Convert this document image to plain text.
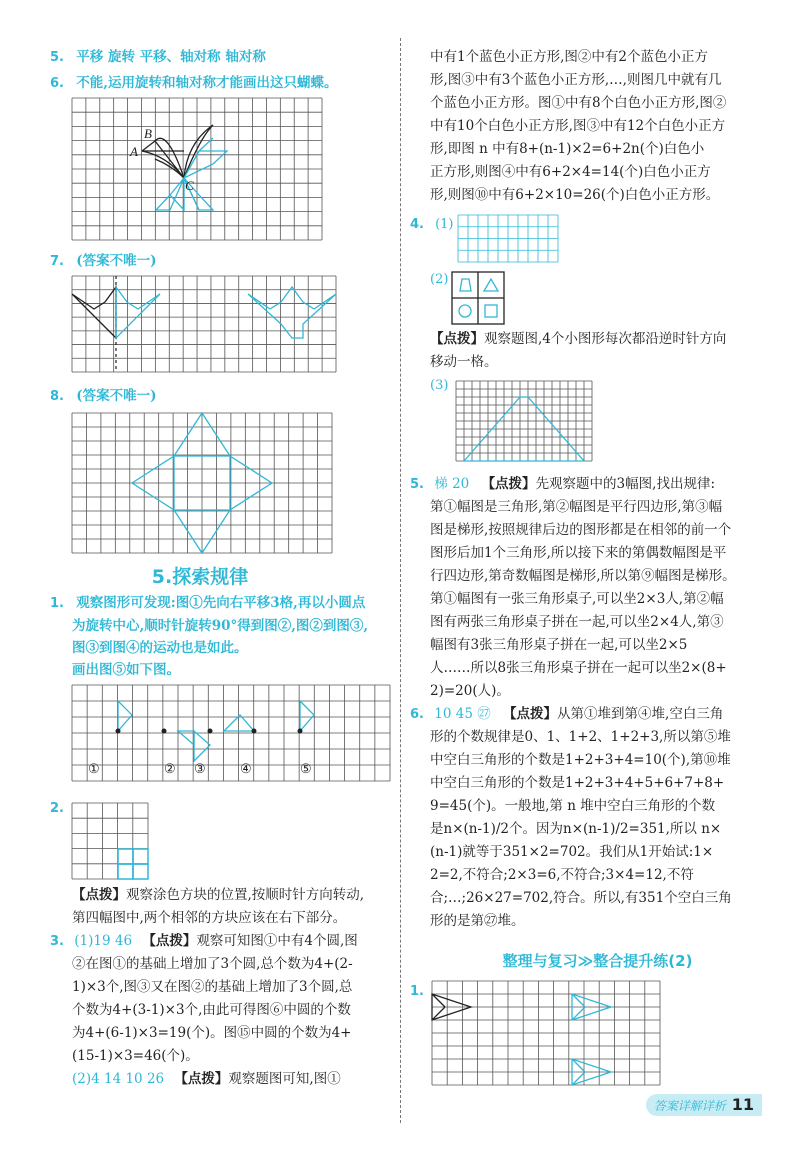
5. 平移 旋转 平移、轴对称 轴对称
6. 不能,运用旋转和轴对称才能画出这只蝴蝶。
B
A
C
7. (答案不唯一)
8. (答案不唯一)
5.探索规律
1. 观察图形可发现:图①先向右平移3格,再以小圆点
为旋转中心,顺时针旋转90°得到图②,图②到图③,
图③到图④的运动也是如此。
画出图⑤如下图。
①	② ③	④	⑤
2.
【点拨】观察涂色方块的位置,按顺时针方向转动,
第四幅图中,两个相邻的方块应该在右下部分。
3. (1)19 46 【点拨】观察可知图①中有4个圆,图
②在图①的基础上增加了3个圆,总个数为4+(2-
1)×3个,图③又在图②的基础上增加了3个圆,总
个数为4+(3-1)×3个,由此可得图⑥中圆的个数
为4+(6-1)×3=19(个)。图⑮中圆的个数为4+
(15-1)×3=46(个)。
(2)4 14 10 26 【点拨】观察题图可知,图①
中有1个蓝色小正方形,图②中有2个蓝色小正方
形,图③中有3个蓝色小正方形,…,则图几中就有几
个蓝色小正方形。图①中有8个白色小正方形,图②
中有10个白色小正方形,图③中有12个白色小正方
形,即图 n 中有8+(n-1)×2=6+2n(个)白色小
正方形,则图④中有6+2×4=14(个)白色小正方
形,则图⑩中有6+2×10=26(个)白色小正方形。
4. (1)
(2)
【点拨】观察题图,4个小图形每次都沿逆时针方向
移动一格。
(3)
5. 梯 20 【点拨】先观察题中的3幅图,找出规律:
第①幅图是三角形,第②幅图是平行四边形,第③幅
图是梯形,按照规律后边的图形都是在相邻的前一个
图形后加1个三角形,所以接下来的第偶数幅图是平
行四边形,第奇数幅图是梯形,所以第⑨幅图是梯形。
第①幅图有一张三角形桌子,可以坐2×3人,第②幅
图有两张三角形桌子拼在一起,可以坐2×4人,第③
幅图有3张三角形桌子拼在一起,可以坐2×5
人……所以8张三角形桌子拼在一起可以坐2×(8+
2)=20(人)。
6. 10 45 ㉗ 【点拨】从第①堆到第④堆,空白三角
形的个数规律是0、1、1+2、1+2+3,所以第⑤堆
中空白三角形的个数是1+2+3+4=10(个),第⑩堆
中空白三角形的个数是1+2+3+4+5+6+7+8+
9=45(个)。一般地,第 n 堆中空白三角形的个数
是n×(n-1)/2个。因为n×(n-1)/2=351,所以 n×
(n-1)就等于351×2=702。我们从1开始试:1×
2=2,不符合;2×3=6,不符合;3×4=12,不符
合;…;26×27=702,符合。所以,有351个空白三角
形的是第㉗堆。
整理与复习≫整合提升练(2)
1.
答案详解详析 11
